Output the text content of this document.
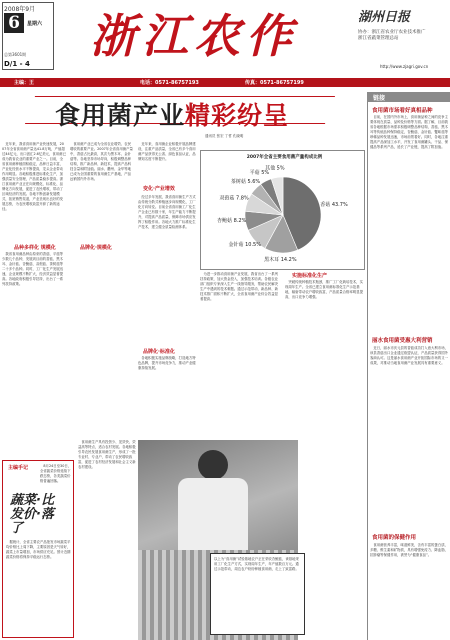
2008年9月
6	星期六
总第3601期
D/1 - 4
浙江农作	湖州日报
协办：浙江省农业厅农业技术推广
浙江省蔬菜管理总站
http://www.zjagri.gov.cn
主编：王	电话：0571-86757193	传真：0571-86757199
食用菌产业精彩纷呈
通讯员 张宏 丁哲 孔晓明
　近年来，我省食用菌产业快速发展，2007年全省食用菌产量达41.8万吨，产值超过44亿元，出口创汇2.6亿美元，食用菌已成为我省农业的重要产业之一。目前，全省食用菌种植面积稳定，品种日益丰富，产业化经营水平不断提高，龙头企业带动作用明显。各地积极推进标准化生产，加强质量安全管理，产品质量稳步提高。浙江食用菌产业正在向规模化、标准化、品牌化方向发展，促进了农民增收，带动了区域经济的发展。各地不断创新发展模式，拓宽销售渠道，产业呈现出良好的发展态势，为农民增收致富开辟了新的途径。
品种多样化 规模化
　我省食用菌品种由原来的香菇、平菇等少数几个品种，发展到目前的香菇、黑木耳、金针菇、杏鲍菇、双孢菇、茶树菇等二十多个品种。同时，工厂化生产发展迅速，企业规模不断扩大，经济效益显著提高。各地政府积极引导扶持，出台了一系列扶持政策。
　食用菌产业已成为全省农业增效、农民增收的重要产业。2007年全省食用菌产量中，香菇占比最高，其次为黑木耳、金针菇等。各地坚持市场导向，积极调整品种结构，推广新品种、新技术，提高产品科技含量和附加值。丽水、衢州、金华等地已成为全国重要的食用菌生产基地，产品远销国内外市场。
品牌化·规模化
　近年来，食用菌企业积极开展品牌建设，注重产品质量，全省已有多个食用菌产品获得无公害、绿色食品认证，品牌知名度不断提升。
变化·产业增效
　经过多年发展，我省食用菌生产方式由传统分散式种植逐步向规模化、工厂化方向转变。目前全省食用菌工厂化生产企业已有数十家，年生产能力不断提升，对提高产品质量、保障市场供应发挥了积极作用。各地大力推广标准化生产技术，建立健全质量检测体系。
品牌化·标准化
　各地积极实施品牌战略，打造地方特色品牌，提升市场竞争力，推动产业健康持续发展。
2007年全省主要食用菌产量构成比例
香菇 43.7%
黑木耳 14.2%
金针菇 10.5%
杏鲍菇 8.2%
双孢菇 7.8%
茶树菇 5.6%
平菇 5%
其他 5%
　为进一步推动食用菌产业发展，我省出台了一系列扶持政策，加大资金投入，加强技术培训。各级农业部门组织专家深入生产一线指导服务，帮助农民解决生产中遇到的技术难题。通过示范带动，新品种、新技术推广面积不断扩大，全省食用菌产业综合效益显著提高。
实施标准化生产
　突破传统种植技术瓶颈，推广工厂化栽培技术，实现周年生产。全省已建立食用菌标准化生产示范基地，辐射带动农户增收致富，产品质量合格率明显提高，出口竞争力增强。
主编手记
蔬菜·比发价·落了
　8月24日至30日，全省蔬菜价格延续下跌态势，各类蔬菜价格普遍回落。
　据统计，全省主要农产品批发市场蔬菜平均价格比上周下降，主要原因是天气转好，蔬菜上市量增加，市场供应充足。预计近期蔬菜价格将保持平稳运行态势。
　食用菌生产具有投资少、见效快、效益高等特点，适合农村发展。各地积极引导农民发展食用菌生产，形成了一批专业村、专业户，带动了农民增收致富，促进了农村经济发展和社会主义新农村建设。
以上为“食用菌”试验基地农户正在采收杏鲍菇，该基地采用工厂化生产方式，实现周年生产，年产值数百万元。通过示范带动，周边农户纷纷种植食用菌，走上了致富路。
链接
食用菌市场看好真相品种
　目前，在国内外市场上，食用菌品种之间的竞争主要体现在质量、品种及价格等方面。据了解，目前我省各地根据市场需求积极调整品种结构，香菇、黑木耳等传统品种保持稳定，杏鲍菇、金针菇、蟹味菇等珍稀品种发展迅速，市场前景看好。同时，各地注重提高产品深加工水平，开发了食用菌罐头、干品、保健品等系列产品，延长了产业链，提高了附加值。
丽水食用菌受惠大利营销
　近日，丽水市庆元县的香菇成功打入意大利市场，该县香菇出口企业通过欧盟认证，产品质量获得国外客商认可。这是丽水食用菌产业开拓国际市场的又一成果，对推动当地食用菌产业发展具有重要意义。
食用菌的保健作用
　食用菌营养丰富，味道鲜美，含有丰富的蛋白质、多糖、维生素和矿物质，具有增强免疫力、降血脂、抗肿瘤等保健作用，被誉为“健康食品”。
